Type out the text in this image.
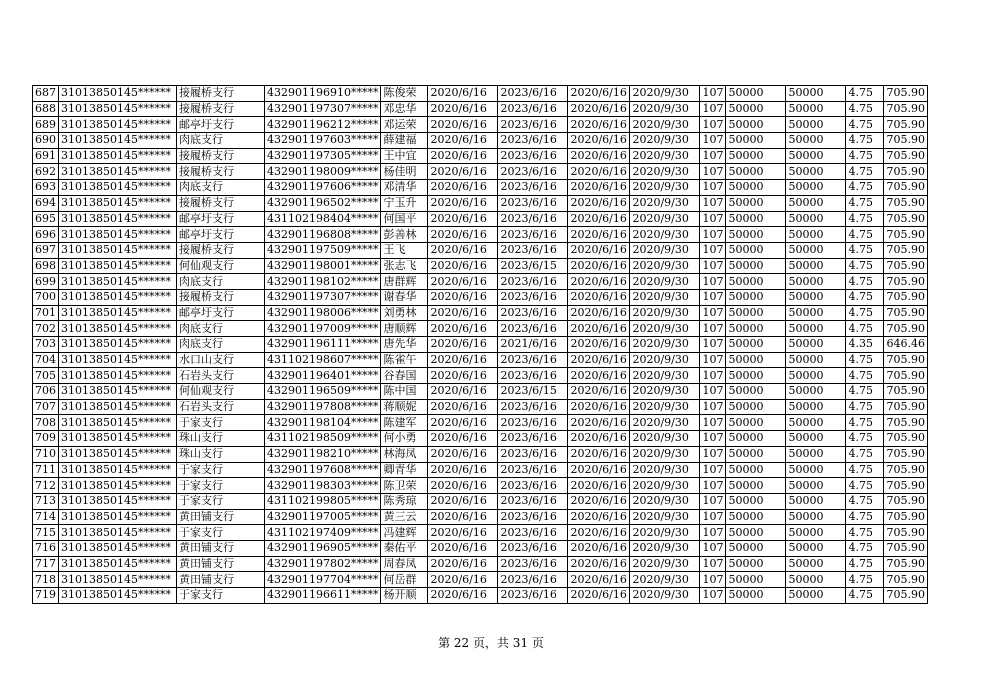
687	31013850145******	接履桥支行	432901196910*****	陈俊荣	2020/6/16	2023/6/16	2020/6/16	2020/9/30	107	50000	50000	4.75	705.90
688	31013850145******	接履桥支行	432901197307*****	邓忠华	2020/6/16	2023/6/16	2020/6/16	2020/9/30	107	50000	50000	4.75	705.90
689	31013850145******	邮亭圩支行	432901196212*****	邓运荣	2020/6/16	2023/6/16	2020/6/16	2020/9/30	107	50000	50000	4.75	705.90
690	31013850145******	肉底支行	432901197603*****	薛建福	2020/6/16	2023/6/16	2020/6/16	2020/9/30	107	50000	50000	4.75	705.90
691	31013850145******	接履桥支行	432901197305*****	王中宜	2020/6/16	2023/6/16	2020/6/16	2020/9/30	107	50000	50000	4.75	705.90
692	31013850145******	接履桥支行	432901198009*****	杨佳明	2020/6/16	2023/6/16	2020/6/16	2020/9/30	107	50000	50000	4.75	705.90
693	31013850145******	肉底支行	432901197606*****	邓清华	2020/6/16	2023/6/16	2020/6/16	2020/9/30	107	50000	50000	4.75	705.90
694	31013850145******	接履桥支行	432901196502*****	宁玉升	2020/6/16	2023/6/16	2020/6/16	2020/9/30	107	50000	50000	4.75	705.90
695	31013850145******	邮亭圩支行	431102198404*****	何国平	2020/6/16	2023/6/16	2020/6/16	2020/9/30	107	50000	50000	4.75	705.90
696	31013850145******	邮亭圩支行	432901196808*****	彭善林	2020/6/16	2023/6/16	2020/6/16	2020/9/30	107	50000	50000	4.75	705.90
697	31013850145******	接履桥支行	432901197509*****	王飞	2020/6/16	2023/6/16	2020/6/16	2020/9/30	107	50000	50000	4.75	705.90
698	31013850145******	何仙观支行	432901198001*****	张志飞	2020/6/16	2023/6/15	2020/6/16	2020/9/30	107	50000	50000	4.75	705.90
699	31013850145******	肉底支行	432901198102*****	唐群辉	2020/6/16	2023/6/16	2020/6/16	2020/9/30	107	50000	50000	4.75	705.90
700	31013850145******	接履桥支行	432901197307*****	谢春华	2020/6/16	2023/6/16	2020/6/16	2020/9/30	107	50000	50000	4.75	705.90
701	31013850145******	邮亭圩支行	432901198006*****	刘勇林	2020/6/16	2023/6/16	2020/6/16	2020/9/30	107	50000	50000	4.75	705.90
702	31013850145******	肉底支行	432901197009*****	唐顺辉	2020/6/16	2023/6/16	2020/6/16	2020/9/30	107	50000	50000	4.75	705.90
703	31013850145******	肉底支行	432901196111*****	唐先华	2020/6/16	2021/6/16	2020/6/16	2020/9/30	107	50000	50000	4.35	646.46
704	31013850145******	水口山支行	431102198607*****	陈雀午	2020/6/16	2023/6/16	2020/6/16	2020/9/30	107	50000	50000	4.75	705.90
705	31013850145******	石岩头支行	432901196401*****	谷春国	2020/6/16	2023/6/16	2020/6/16	2020/9/30	107	50000	50000	4.75	705.90
706	31013850145******	何仙观支行	432901196509*****	陈中国	2020/6/16	2023/6/15	2020/6/16	2020/9/30	107	50000	50000	4.75	705.90
707	31013850145******	石岩头支行	432901197808*****	蒋顺妮	2020/6/16	2023/6/16	2020/6/16	2020/9/30	107	50000	50000	4.75	705.90
708	31013850145******	于家支行	432901198104*****	陈建军	2020/6/16	2023/6/16	2020/6/16	2020/9/30	107	50000	50000	4.75	705.90
709	31013850145******	珠山支行	431102198509*****	何小勇	2020/6/16	2023/6/16	2020/6/16	2020/9/30	107	50000	50000	4.75	705.90
710	31013850145******	珠山支行	432901198210*****	林海凤	2020/6/16	2023/6/16	2020/6/16	2020/9/30	107	50000	50000	4.75	705.90
711	31013850145******	于家支行	432901197608*****	卿青华	2020/6/16	2023/6/16	2020/6/16	2020/9/30	107	50000	50000	4.75	705.90
712	31013850145******	于家支行	432901198303*****	陈卫荣	2020/6/16	2023/6/16	2020/6/16	2020/9/30	107	50000	50000	4.75	705.90
713	31013850145******	于家支行	431102199805*****	陈秀琼	2020/6/16	2023/6/16	2020/6/16	2020/9/30	107	50000	50000	4.75	705.90
714	31013850145******	黄田铺支行	432901197005*****	黄三云	2020/6/16	2023/6/16	2020/6/16	2020/9/30	107	50000	50000	4.75	705.90
715	31013850145******	于家支行	431102197409*****	冯建辉	2020/6/16	2023/6/16	2020/6/16	2020/9/30	107	50000	50000	4.75	705.90
716	31013850145******	黄田铺支行	432901196905*****	秦佑平	2020/6/16	2023/6/16	2020/6/16	2020/9/30	107	50000	50000	4.75	705.90
717	31013850145******	黄田铺支行	432901197802*****	周春凤	2020/6/16	2023/6/16	2020/6/16	2020/9/30	107	50000	50000	4.75	705.90
718	31013850145******	黄田铺支行	432901197704*****	何岳群	2020/6/16	2023/6/16	2020/6/16	2020/9/30	107	50000	50000	4.75	705.90
719	31013850145******	于家支行	432901196611*****	杨开顺	2020/6/16	2023/6/16	2020/6/16	2020/9/30	107	50000	50000	4.75	705.90
第 22 页，共 31 页
